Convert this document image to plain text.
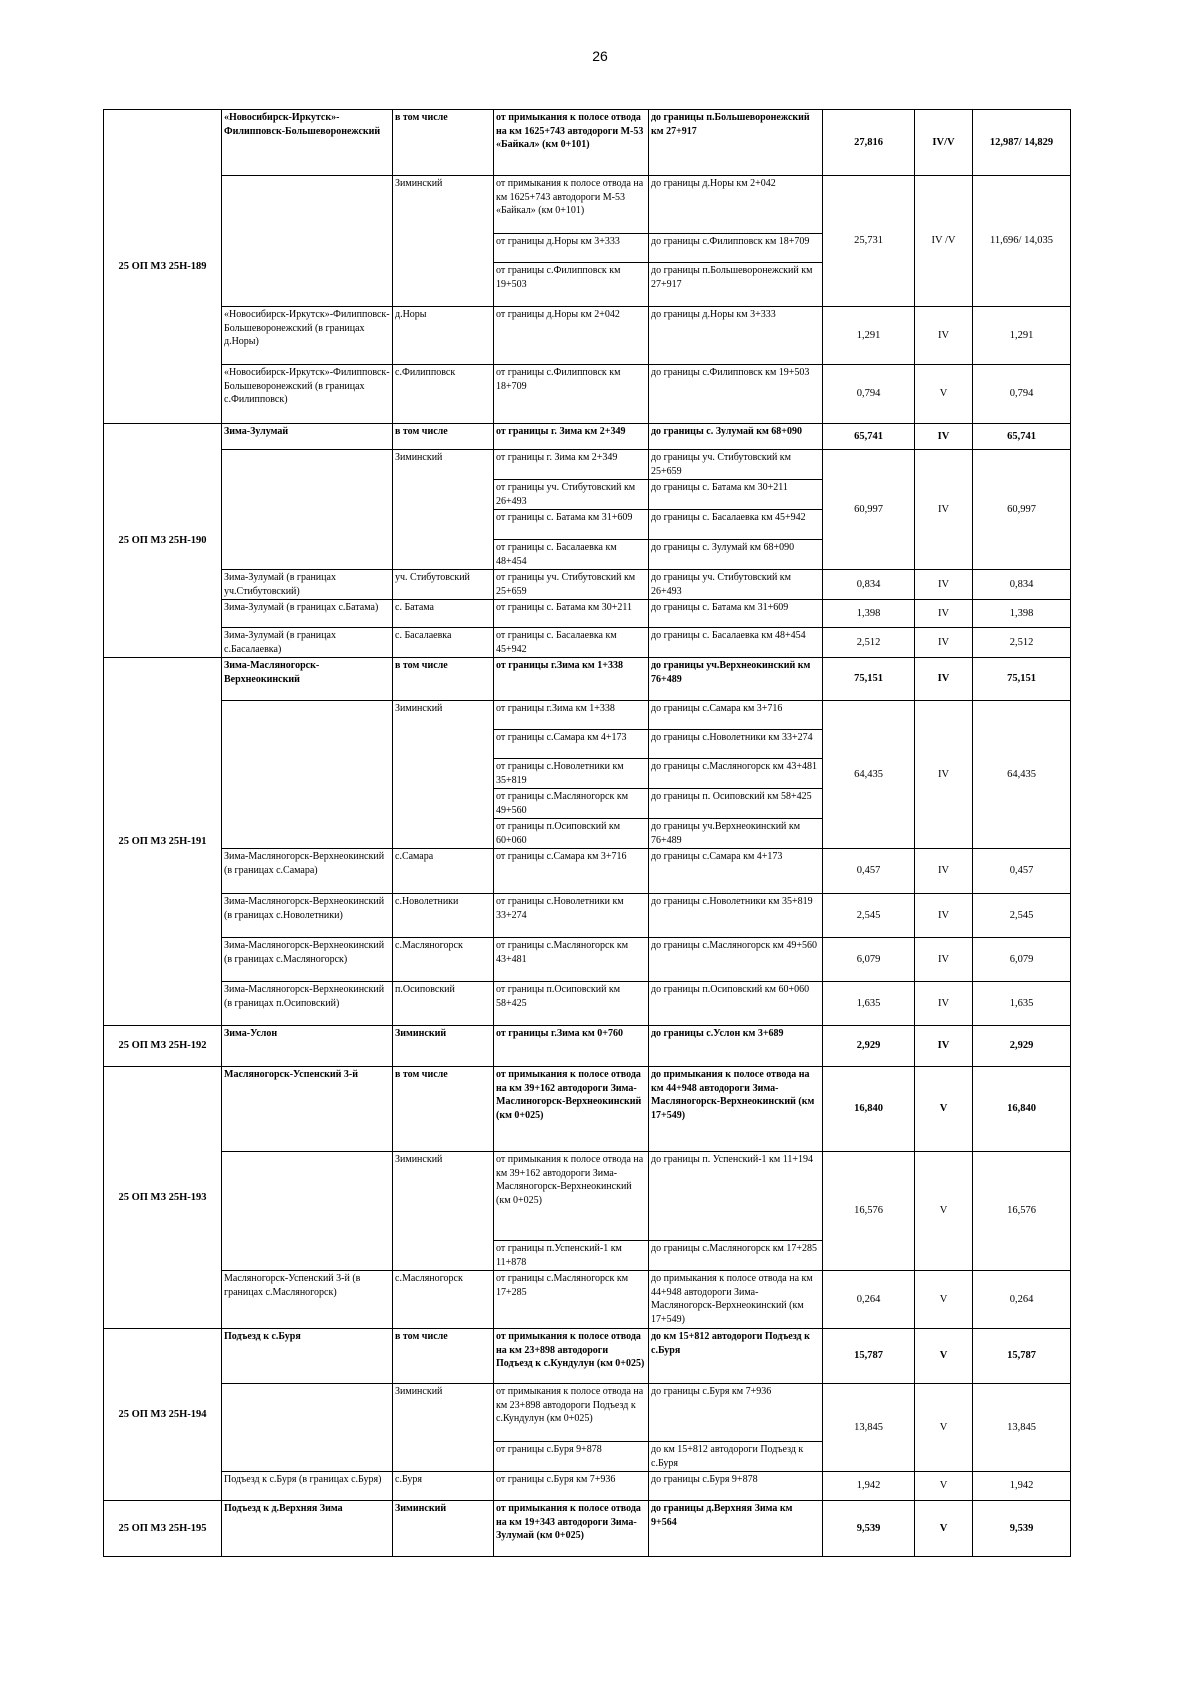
26
25 ОП МЗ 25Н-189	«Новосибирск-Иркутск»-Филипповск-Большеворонежский	в том числе	от примыкания к полосе отвода на км 1625+743 автодороги М-53 «Байкал» (км 0+101)	до границы п.Большеворонежский км 27+917	27,816	IV/V	12,987/ 14,829
		Зиминский	от примыкания к полосе отвода на км 1625+743 автодороги М-53 «Байкал» (км 0+101)	до границы д.Норы км 2+042	25,731	IV /V	11,696/ 14,035
			от границы д.Норы км 3+333	до границы с.Филипповск км 18+709			
			от границы с.Филипповск км 19+503	до границы п.Большеворонежский км 27+917			
	«Новосибирск-Иркутск»-Филипповск-Большеворонежский (в границах д.Норы)	д.Норы	от границы д.Норы км 2+042	до границы д.Норы км 3+333	1,291	IV	1,291
	«Новосибирск-Иркутск»-Филипповск-Большеворонежский (в границах с.Филипповск)	с.Филипповск	от границы с.Филипповск км 18+709	до границы с.Филипповск км 19+503	0,794	V	0,794
25 ОП МЗ 25Н-190	Зима-Зулумай	в том числе	от границы г. Зима км 2+349	до границы с. Зулумай км 68+090	65,741	IV	65,741
		Зиминский	от границы г. Зима км 2+349	до границы уч. Стибутовский км 25+659	60,997	IV	60,997
			от границы уч. Стибутовский км 26+493	до границы с. Батама км 30+211			
			от границы с. Батама км 31+609	до границы с. Басалаевка км 45+942			
			от границы с. Басалаевка км 48+454	до границы с. Зулумай км 68+090			
	Зима-Зулумай (в границах уч.Стибутовский)	уч. Стибутовский	от границы уч. Стибутовский км 25+659	до границы уч. Стибутовский км 26+493	0,834	IV	0,834
	Зима-Зулумай (в границах с.Батама)	с. Батама	от границы с. Батама км 30+211	до границы с. Батама км 31+609	1,398	IV	1,398
	Зима-Зулумай (в границах с.Басалаевка)	с. Басалаевка	от границы с. Басалаевка км 45+942	до границы с. Басалаевка км 48+454	2,512	IV	2,512
25 ОП МЗ 25Н-191	Зима-Масляногорск-Верхнеокинский	в том числе	от границы г.Зима км 1+338	до границы уч.Верхнеокинский км 76+489	75,151	IV	75,151
		Зиминский	от границы г.Зима км 1+338	до границы с.Самара км 3+716	64,435	IV	64,435
			от границы с.Самара км 4+173	до границы с.Новолетники км 33+274			
			от границы с.Новолетники км 35+819	до границы с.Масляногорск км 43+481			
			от границы с.Масляногорск км 49+560	до границы п. Осиповский км 58+425			
			от границы п.Осиповский км 60+060	до границы уч.Верхнеокинский км 76+489			
	Зима-Масляногорск-Верхнеокинский (в границах с.Самара)	с.Самара	от границы с.Самара км 3+716	до границы с.Самара км 4+173	0,457	IV	0,457
	Зима-Масляногорск-Верхнеокинский (в границах с.Новолетники)	с.Новолетники	от границы с.Новолетники км 33+274	до границы с.Новолетники км 35+819	2,545	IV	2,545
	Зима-Масляногорск-Верхнеокинский (в границах с.Масляногорск)	с.Масляногорск	от границы с.Масляногорск км 43+481	до границы с.Масляногорск км 49+560	6,079	IV	6,079
	Зима-Масляногорск-Верхнеокинский (в границах п.Осиповский)	п.Осиповский	от границы п.Осиповский км 58+425	до границы п.Осиповский км 60+060	1,635	IV	1,635
25 ОП МЗ 25Н-192	Зима-Услон	Зиминский	от границы г.Зима км 0+760	до границы с.Услон км 3+689	2,929	IV	2,929
25 ОП МЗ 25Н-193	Масляногорск-Успенский 3-й	в том числе	от примыкания к полосе отвода на км 39+162 автодороги Зима-Маслиногорск-Верхнеокинский (км 0+025)	до примыкания к полосе отвода на км 44+948 автодороги Зима-Масляногорск-Верхнеокинский (км 17+549)	16,840	V	16,840
		Зиминский	от примыкания к полосе отвода на км 39+162 автодороги Зима-Масляногорск-Верхнеокинский (км 0+025)	до границы п. Успенский-1 км 11+194	16,576	V	16,576
			от границы п.Успенский-1 км 11+878	до границы с.Масляногорск км 17+285			
	Масляногорск-Успенский 3-й (в границах с.Масляногорск)	с.Масляногорск	от границы с.Масляногорск км 17+285	до примыкания к полосе отвода на км 44+948 автодороги Зима-Масляногорск-Верхнеокинский (км 17+549)	0,264	V	0,264
25 ОП МЗ 25Н-194	Подъезд к с.Буря	в том числе	от примыкания к полосе отвода на км 23+898 автодороги Подъезд к с.Кундулун (км 0+025)	до км 15+812 автодороги Подъезд к с.Буря	15,787	V	15,787
		Зиминский	от примыкания к полосе отвода на км 23+898 автодороги Подъезд к с.Кундулун (км 0+025)	до границы с.Буря км 7+936	13,845	V	13,845
			от границы с.Буря 9+878	до км 15+812 автодороги Подъезд к с.Буря			
	Подъезд к с.Буря (в границах с.Буря)	с.Буря	от границы с.Буря км 7+936	до границы с.Буря 9+878	1,942	V	1,942
25 ОП МЗ 25Н-195	Подъезд к д.Верхняя Зима	Зиминский	от примыкания к полосе отвода на км 19+343 автодороги Зима-Зулумай (км 0+025)	до границы д.Верхняя Зима км 9+564	9,539	V	9,539
